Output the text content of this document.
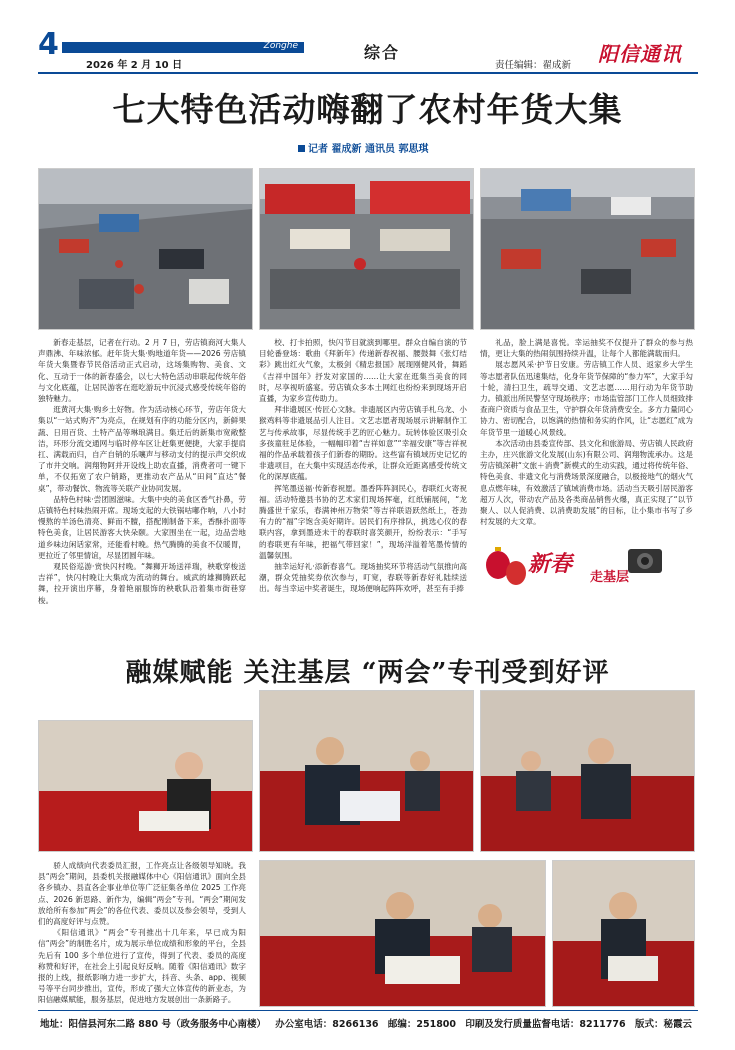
4	Zonghe
2026 年 2 月 10 日
综合
责任编辑：翟成新 阳信通讯
七大特色活动嗨翻了农村年货大集
记者 翟成新 通讯员 郭思琪

新春走基层，记者在行动。2 月 7 日，劳店镇商河大集人声鼎沸、年味浓郁。赶年货大集·购地道年货——2026 劳店镇年货大集暨春节民俗活动正式启动，这场集购物、美食、文化、互动于一体的新春盛会，以七大特色活动串联起传统年俗与文化底蕴，让居民游客在逛吃游玩中沉浸式感受传统年俗的独特魅力。

逛黄河大集·购乡土好物。作为活动核心环节，劳店年货大集以“一站式购齐”为亮点，在规划有序的功能分区内，新鲜果蔬、日用百货、土特产品等琳琅满目。集迁后的新集市宽敞整洁，环形分流交通网与临时停车区让赶集更便捷，大家手提肩扛、满载而归，自产自销的乐嚷声与移动支付的提示声交织成了市井交响。润翔物阿并开设线上助农直播，消费者可一键下单，不仅拓宽了农户销路，更推动农产品从“田间”直达“餐桌”，带动餐饮、物流等关联产业协同发展。

品特色村味·尝团圆滋味。大集中央的美食区香气扑鼻，劳店镇特色村味热闹开席。现场支起的大铁锅咕嘟作响，八小时慢熬的羊汤色清亮、鲜而不膻，搭配刚制备下来，香酥扑面等特色美食，让居民游客大快朵颐。大家围坐在一起，边品尝地道乡味边闲话家常，还能看村晚。热气腾腾的美食不仅暖胃，更拉近了邻里情谊，尽显团圆年味。

观民俗巡游·赏快闪村晚。“舞狮开场送祥瑞，秧歌穿梭送吉祥”，快闪村晚让大集成为流动的舞台。威武的雄狮腾跃起舞，拉开演出序幕，身着艳丽服饰的秧歌队沿着集市街巷穿梭。

校、打卡拍照，快闪节目就演到哪里。群众自编自演的节目轮番登场：歌曲《拜新年》传递新春祝福、腰鼓舞《张灯结彩》跳出红火气象，太极剑《精忠报国》展现刚健风骨，舞蹈《吉祥中国年》抒发对家国的……让大家在逛集当美食的同时，尽享视听盛宴。劳店镇众多本土网红也纷纷来到现场开启直播，为家乡宣传助力。

拜非遗展区·传匠心文脉。非遗展区内劳店镇手札乌龙、小猴鸡料等非遗展品引人注目。文艺志愿者现场展示讲解制作工艺与传承故事，尽显传统手艺的匠心魅力。玩转体验区吸引众多孩童驻足体验，一幅幅印着“吉祥如意”“幸福安康”等吉祥祝福的作品承载着孩子们新春的期盼。这些富有镇域历史记忆的非遗项目，在大集中实现活态传承，让群众近距离感受传统文化的深厚底蕴。

挥笔墨送福·传新春祝愿。墨香阵阵洞民心，春联红火寄祝福。活动特邀县书协的艺术家们现场挥毫，红纸铺展间，“龙腾盛世千家乐，春满神州万物荣”等吉祥联语跃然纸上，苍劲有力的“福”字饱含美好期许。居民们有序排队，挑选心仪的春联内容，拿到墨迹未干的春联时喜笑颜开，纷纷表示：“手写的春联更有年味，把福气带回家！”，现场洋溢着笔墨传情的温馨氛围。

抽幸运好礼·添新春喜气。现场抽奖环节将活动气氛推向高潮，群众凭抽奖券依次参与，叮宽，春联等新春好礼陆续送出。每当幸运中奖者诞生，现场便响起阵阵欢呼，甚至有手捧

礼品，脸上满是喜悦。幸运抽奖不仅提升了群众的参与热情，更让大集的热闹氛围持续升温，让每个人都能满载而归。

展志愿风采·护节日安康。劳店镇工作人员、返家乡大学生等志愿者队伍迅速集结，化身年货节保障的“参力军”，大家手勾十轮，清扫卫生，疏导交通、文艺志愿……用行动为年货节助力。镇派出所民警坚守现场秩序；市场监管部门工作人员细致排查商户资质与食品卫生，守护群众年货消费安全。多方力量同心协力、密切配合，以饱满的热情和务实的作风，让“志愿红”成为年货节里一道暖心风景线。

本次活动由县委宣传部、县文化和旅游局、劳店镇人民政府主办，庄兴旅游文化发展(山东)有限公司、润翔物流承办。这是劳店镇深耕“文旅＋消费”新模式的生动实践，通过将传统年俗、特色美食、非遗文化与消费场景深度融合，以极接地气的烟火气息点燃年味，有效激活了镇域消费市场。活动当天吸引居民游客超万人次，带动农产品及各类商品销售火爆，真正实现了“以节聚人、以人促消费、以消费助发展”的目标，让小集市书写了乡村发展的大文章。

新春
走基层
融媒赋能 关注基层 “两会”专刊受到好评

骄人成绩向代表委员汇报，工作亮点让各级领导知晓。我县“两会”期间，县委机关报融媒体中心《阳信通讯》面向全县各乡镇办、县直各企事业单位等广泛征集各单位 2025 工作亮点、2026 新思路、新作为，编辑“两会”专刊。“两会”期间发放给所有参加“两会”的各位代表、委员以及参会领导，受到人们的高度好评与点赞。

《阳信通讯》“两会”专刊推出十几年来，早已成为阳信“两会”的制胜名片，成为展示单位成绩和形象的平台，全县先后有 100 多个单位进行了宣传，得到了代表、委员的高度称赞和好评，在社会上引起良好反响。随着《阳信通讯》数字报的上线，报纸影响力进一步扩大，抖音、头条、app、视频号等平台同步推出，宣传，形成了强大立体宣传的新业态，为阳信融媒赋能，服务基层，促进地方发展创出一条新路子。

地址：阳信县河东二路 880 号（政务服务中心南楼） 办公室电话：8266136 邮编：251800 印刷及发行质量监督电话：8211776 版式：秘霞云
